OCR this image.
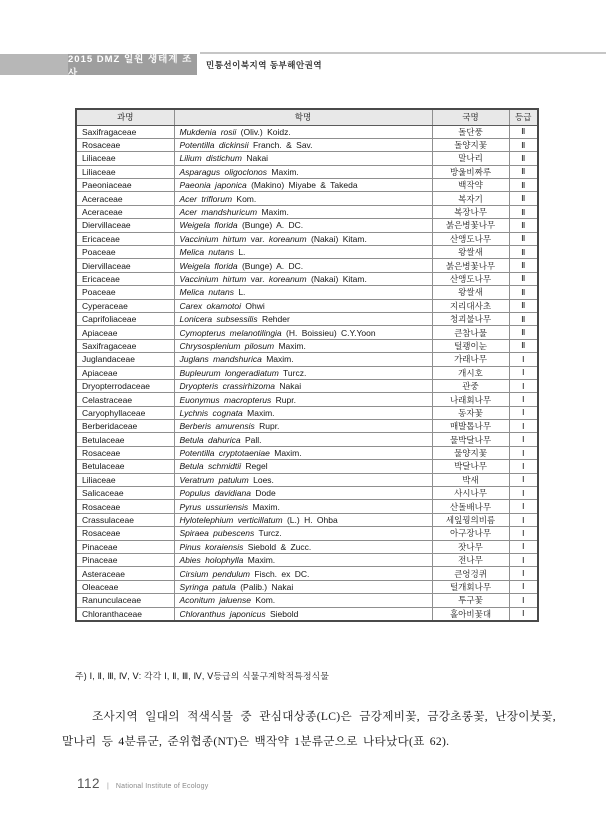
2015 DMZ 일원 생태계 조사
민통선이북지역 동부해안권역
과명	학명	국명	등급
Saxifragaceae	Mukdenia rosii (Oliv.) Koidz.	돌단풍	Ⅱ
Rosaceae	Potentilla dickinsii Franch. & Sav.	돌양지꽃	Ⅱ
Liliaceae	Lilium distichum Nakai	말나리	Ⅱ
Liliaceae	Asparagus oligoclonos Maxim.	방울비짜루	Ⅱ
Paeoniaceae	Paeonia japonica (Makino) Miyabe & Takeda	백작약	Ⅱ
Aceraceae	Acer triflorum Kom.	복자기	Ⅱ
Aceraceae	Acer mandshuricum Maxim.	복장나무	Ⅱ
Diervillaceae	Weigela florida (Bunge) A. DC.	붉은병꽃나무	Ⅱ
Ericaceae	Vaccinium hirtum var. koreanum (Nakai) Kitam.	산앵도나무	Ⅱ
Poaceae	Melica nutans L.	왕쌀새	Ⅱ
Diervillaceae	Weigela florida (Bunge) A. DC.	붉은병꽃나무	Ⅱ
Ericaceae	Vaccinium hirtum var. koreanum (Nakai) Kitam.	산앵도나무	Ⅱ
Poaceae	Melica nutans L.	왕쌀새	Ⅱ
Cyperaceae	Carex okamotoi Ohwi	지리대사초	Ⅱ
Caprifoliaceae	Lonicera subsessilis Rehder	청괴불나무	Ⅱ
Apiaceae	Cymopterus melanotilingia (H. Boissieu) C.Y.Yoon	큰참나물	Ⅱ
Saxifragaceae	Chrysosplenium pilosum Maxim.	털괭이눈	Ⅱ
Juglandaceae	Juglans mandshurica Maxim.	가래나무	Ⅰ
Apiaceae	Bupleurum longeradiatum Turcz.	개시호	Ⅰ
Dryopterrodaceae	Dryopteris crassirhizoma Nakai	관중	Ⅰ
Celastraceae	Euonymus macropterus Rupr.	나래회나무	Ⅰ
Caryophyllaceae	Lychnis cognata Maxim.	동자꽃	Ⅰ
Berberidaceae	Berberis amurensis Rupr.	매발톱나무	Ⅰ
Betulaceae	Betula dahurica Pall.	물박달나무	Ⅰ
Rosaceae	Potentilla cryptotaeniae Maxim.	물양지꽃	Ⅰ
Betulaceae	Betula schmidtii Regel	박달나무	Ⅰ
Liliaceae	Veratrum patulum Loes.	박새	Ⅰ
Salicaceae	Populus davidiana Dode	사시나무	Ⅰ
Rosaceae	Pyrus ussuriensis Maxim.	산돌배나무	Ⅰ
Crassulaceae	Hylotelephium verticillatum (L.) H. Ohba	세잎꿩의비름	Ⅰ
Rosaceae	Spiraea pubescens Turcz.	아구장나무	Ⅰ
Pinaceae	Pinus koraiensis Siebold & Zucc.	잣나무	Ⅰ
Pinaceae	Abies holophylla Maxim.	전나무	Ⅰ
Asteraceae	Cirsium pendulum Fisch. ex DC.	큰엉겅퀴	Ⅰ
Oleaceae	Syringa patula (Palib.) Nakai	털개회나무	Ⅰ
Ranunculaceae	Aconitum jaluense Kom.	투구꽃	Ⅰ
Chloranthaceae	Chloranthus japonicus Siebold	홀아비꽃대	Ⅰ
주) Ⅰ, Ⅱ, Ⅲ, Ⅳ, Ⅴ: 각각 Ⅰ, Ⅱ, Ⅲ, Ⅳ, Ⅴ등급의 식물구계학적특정식물
조사지역 일대의 적색식물 중 관심대상종(LC)은 금강제비꽃, 금강초롱꽃, 난장이붓꽃,
말나리 등 4분류군, 준위협종(NT)은 백작약 1분류군으로 나타났다(표 62).
112 | National Institute of Ecology
